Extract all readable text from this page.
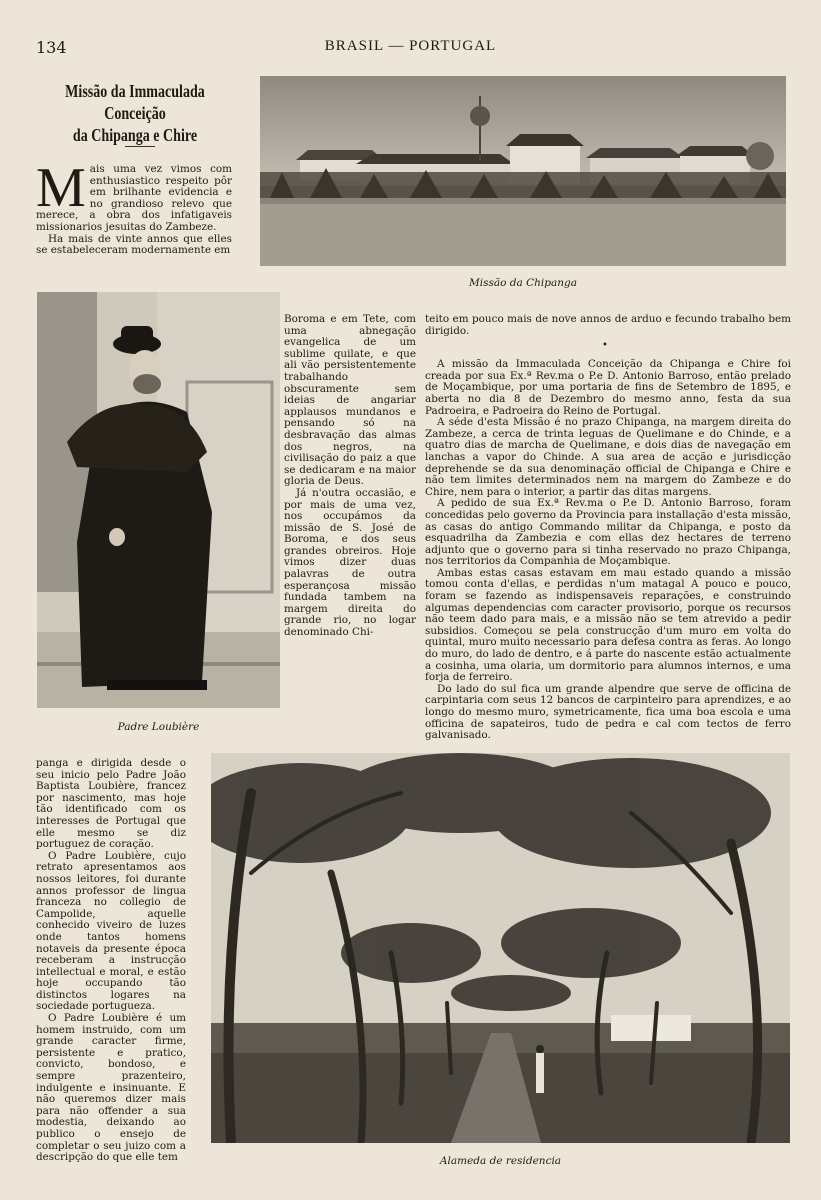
134	BRASIL — PORTUGAL
Missão da Immaculada Conceição
da Chipanga e Chire
M ais uma vez vimos com enthusiastico respeito pôr em brilhante evidencia e no grandioso relevo que merece, a obra dos infatigaveis missionarios jesuitas do Zambeze.

Ha mais de vinte annos que elles se estabeleceram modernamente em

Missão da Chipanga
Padre Loubière

Boroma e em Tete, com uma abnegação evangelica de um sublime quilate, e que ali vão persistentemente trabalhando obscuramente sem ideias de angariar applausos mundanos e pensando só na desbravação das almas dos negros, na civilisação do paiz a que se dedicaram e na maior gloria de Deus.

Já n'outra occasião, e por mais de uma vez, nos occupámos da missão de S. José de Boroma, e dos seus grandes obreiros. Hoje vimos dizer duas palavras de outra esperançosa missão fundada tambem na margem direita do grande rio, no logar denominado Chi-

teito em pouco mais de nove annos de arduo e fecundo trabalho bem dirigido.

A missão da Immaculada Conceição da Chipanga e Chire foi creada por sua Ex.ª Rev.ma o P.e D. Antonio Barroso, então prelado de Moçambique, por uma portaria de fins de Setembro de 1895, e aberta no dia 8 de Dezembro do mesmo anno, festa da sua Padroeira, e Padroeira do Reino de Portugal.

A séde d'esta Missão é no prazo Chipanga, na margem direita do Zambeze, a cerca de trinta leguas de Quelimane e do Chinde, e a quatro dias de marcha de Quelimane, e dois dias de navegação em lanchas a vapor do Chinde. A sua area de acção e jurisdicção deprehende se da sua denominação official de Chipanga e Chire e não tem limites determinados nem na margem do Zambeze e do Chire, nem para o interior, a partir das ditas margens.

A pedido de sua Ex.ª Rev.ma o P.e D. Antonio Barroso, foram concedidas pelo governo da Provincia para installação d'esta missão, as casas do antigo Commando militar da Chipanga, e posto da esquadrilha da Zambezia e com ellas dez hectares de terreno adjunto que o governo para si tinha reservado no prazo Chipanga, nos territorios da Companhia de Moçambique.

Ambas estas casas estavam em mau estado quando a missão tomou conta d'ellas, e perdidas n'um matagal A pouco e pouco, foram se fazendo as indispensaveis reparações, e construindo algumas dependencias com caracter provisorio, porque os recursos não teem dado para mais, e a missão não se tem atrevido a pedir subsidios. Começou se pela construcção d'um muro em volta do quintal, muro muito necessario para defesa contra as feras. Ao longo do muro, do lado de dentro, e á parte do nascente estão actualmente a cosinha, uma olaria, um dormitorio para alumnos internos, e uma forja de ferreiro.

Do lado do sul fica um grande alpendre que serve de officina de carpintaria com seus 12 bancos de carpinteiro para aprendizes, e ao longo do mesmo muro, symetricamente, fica uma boa escola e uma officina de sapateiros, tudo de pedra e cal com tectos de ferro galvanisado.

•
Alameda de residencia

panga e dirigida desde o seu inicio pelo Padre João Baptista Loubière, francez por nascimento, mas hoje tão identificado com os interesses de Portugal que elle mesmo se diz portuguez de coração.

O Padre Loubière, cujo retrato apresentamos aos nossos leitores, foi durante annos professor de lingua franceza no collegio de Campolide, aquelle conhecido viveiro de luzes onde tantos homens notaveis da presente época receberam a instrucção intellectual e moral, e estão hoje occupando tão distinctos logares na sociedade portugueza.

O Padre Loubière é um homem instruido, com um grande caracter firme, persistente e pratico, convicto, bondoso, e sempre prazenteiro, indulgente e insinuante. E não queremos dizer mais para não offender a sua modestia, deixando ao publico o ensejo de completar o seu juizo com a descripção do que elle tem
